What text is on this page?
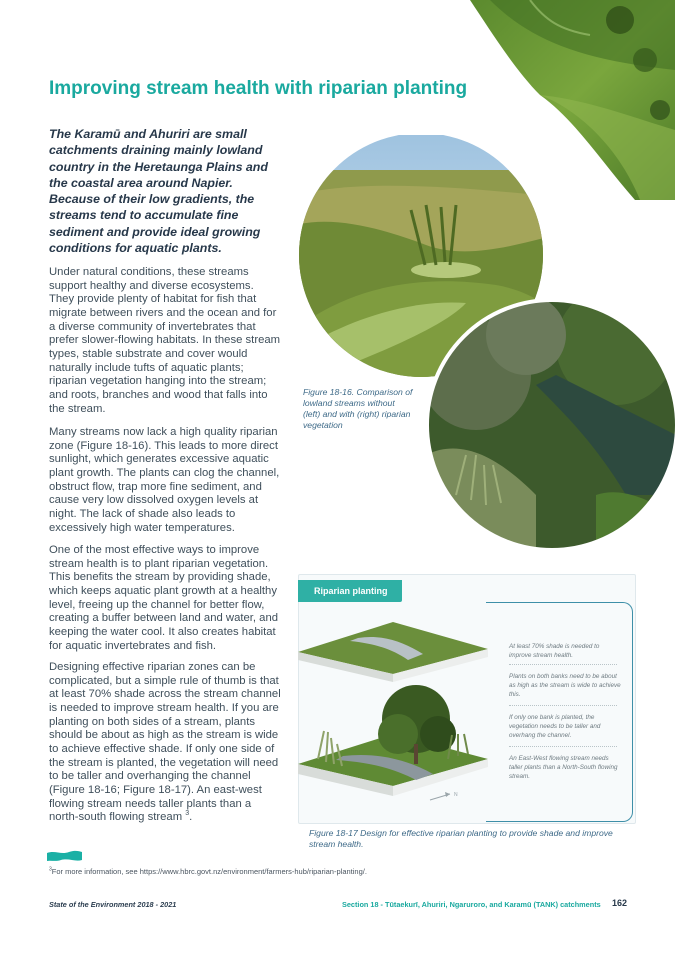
Improving stream health with riparian planting

The Karamū and Ahuriri are small catchments draining mainly lowland country in the Heretaunga Plains and the coastal area around Napier. Because of their low gradients, the streams tend to accumulate fine sediment and provide ideal growing conditions for aquatic plants.

Under natural conditions, these streams support healthy and diverse ecosystems. They provide plenty of habitat for fish that migrate between rivers and the ocean and for a diverse community of invertebrates that prefer slower-flowing habitats. In these stream types, stable substrate and cover would naturally include tufts of aquatic plants; riparian vegetation hanging into the stream; and roots, branches and wood that falls into the stream.

Many streams now lack a high quality riparian zone (Figure 18-16). This leads to more direct sunlight, which generates excessive aquatic plant growth. The plants can clog the channel, obstruct flow, trap more fine sediment, and cause very low dissolved oxygen levels at night. The lack of shade also leads to excessively high water temperatures.

One of the most effective ways to improve stream health is to plant riparian vegetation. This benefits the stream by providing shade, which keeps aquatic plant growth at a healthy level, freeing up the channel for better flow, creating a buffer between land and water, and keeping the water cool. It also creates habitat for aquatic invertebrates and fish.

Designing effective riparian zones can be complicated, but a simple rule of thumb is that at least 70% shade across the stream channel is needed to improve stream health. If you are planting on both sides of a stream, plants should be about as high as the stream is wide to achieve effective shade. If only one side of the stream is planted, the vegetation will need to be taller and overhanging the channel (Figure 18-16; Figure 18-17). An east-west flowing stream needs taller plants than a north-south flowing stream $^3$.

Figure 18-16. Comparison of lowland streams without (left) and with (right) riparian vegetation

Riparian planting
N

At least 70% shade is needed to improve stream health.

Plants on both banks need to be about as high as the stream is wide to achieve this.

If only one bank is planted, the vegetation needs to be taller and overhang the channel.

An East-West flowing stream needs taller plants than a North-South flowing stream.

Figure 18-17 Design for effective riparian planting to provide shade and improve stream health.

$^3$For more information, see https://www.hbrc.govt.nz/environment/farmers-hub/riparian-planting/.

State of the Environment 2018 - 2021	Section 18 - Tūtaekurī, Ahuriri, Ngaruroro, and Karamū (TANK) catchments 162
